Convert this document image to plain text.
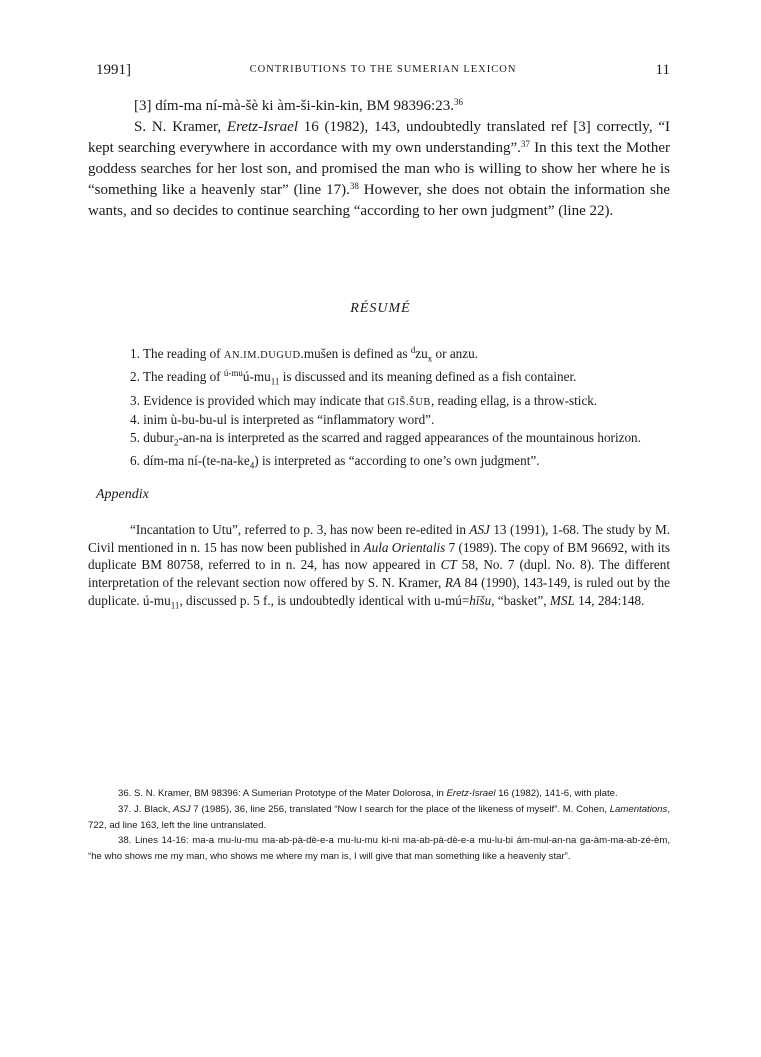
1991]	CONTRIBUTIONS TO THE SUMERIAN LEXICON	11

[3] dím-ma ní-mà-šè ki àm-ši-kin-kin, BM 98396:23.36

S. N. Kramer, Eretz-Israel 16 (1982), 143, undoubtedly translated ref [3] correctly, “I kept searching everywhere in accordance with my own understanding”.$^{37}$ In this text the Mother goddess searches for her lost son, and promised the man who is willing to show her where he is “something like a heavenly star” (line 17).$^{38}$ However, she does not obtain the information she wants, and so decides to continue searching “according to her own judgment” (line 22).

RÉSUMÉ

1. The reading of AN.IM.DUGUD.mušen is defined as $^dzu_x$ or anzu.

2. The reading of $^{ú-mu}ú-mu_{11}$ is discussed and its meaning defined as a fish container.

3. Evidence is provided which may indicate that GIŠ.ŠUB, reading ellag, is a throw-stick.

4. inim ù-bu-bu-ul is interpreted as “inflammatory word”.

5. dubur$_2$-an-na is interpreted as the scarred and ragged appearances of the mountainous horizon.

6. dím-ma $ní-(te-na-ke_4)$ is interpreted as “according to one’s own judgment”.

Appendix

“Incantation to Utu”, referred to p. 3, has now been re-edited in ASJ 13 (1991), 1-68. The study by M. Civil mentioned in n. 15 has now been published in Aula Orientalis 7 (1989). The copy of BM 96692, with its duplicate BM 80758, referred to in n. 24, has now appeared in CT 58, No. 7 (dupl. No. 8). The different interpretation of the relevant section now offered by S. N. Kramer, RA 84 (1990), 143-149, is ruled out by the duplicate. $ú-mu_{11}$, discussed p. 5 f., is undoubtedly identical with u-mú=hīšu, “basket”, MSL 14, 284:148.

36. S. N. Kramer, BM 98396: A Sumerian Prototype of the Mater Dolorosa, in Eretz-Israel 16 (1982), 141-6, with plate.

37. J. Black, ASJ 7 (1985), 36, line 256, translated “Now I search for the place of the likeness of myself”. M. Cohen, Lamentations, 722, ad line 163, left the line untranslated.

38. Lines 14-16: ma-a mu-lu-mu ma-ab-pà-dè-e-a mu-lu-mu ki-ni ma-ab-pà-dè-e-a mu-lu-bi ám-mul-an-na ga-àm-ma-ab-zé-èm, “he who shows me my man, who shows me where my man is, I will give that man something like a heavenly star”.
